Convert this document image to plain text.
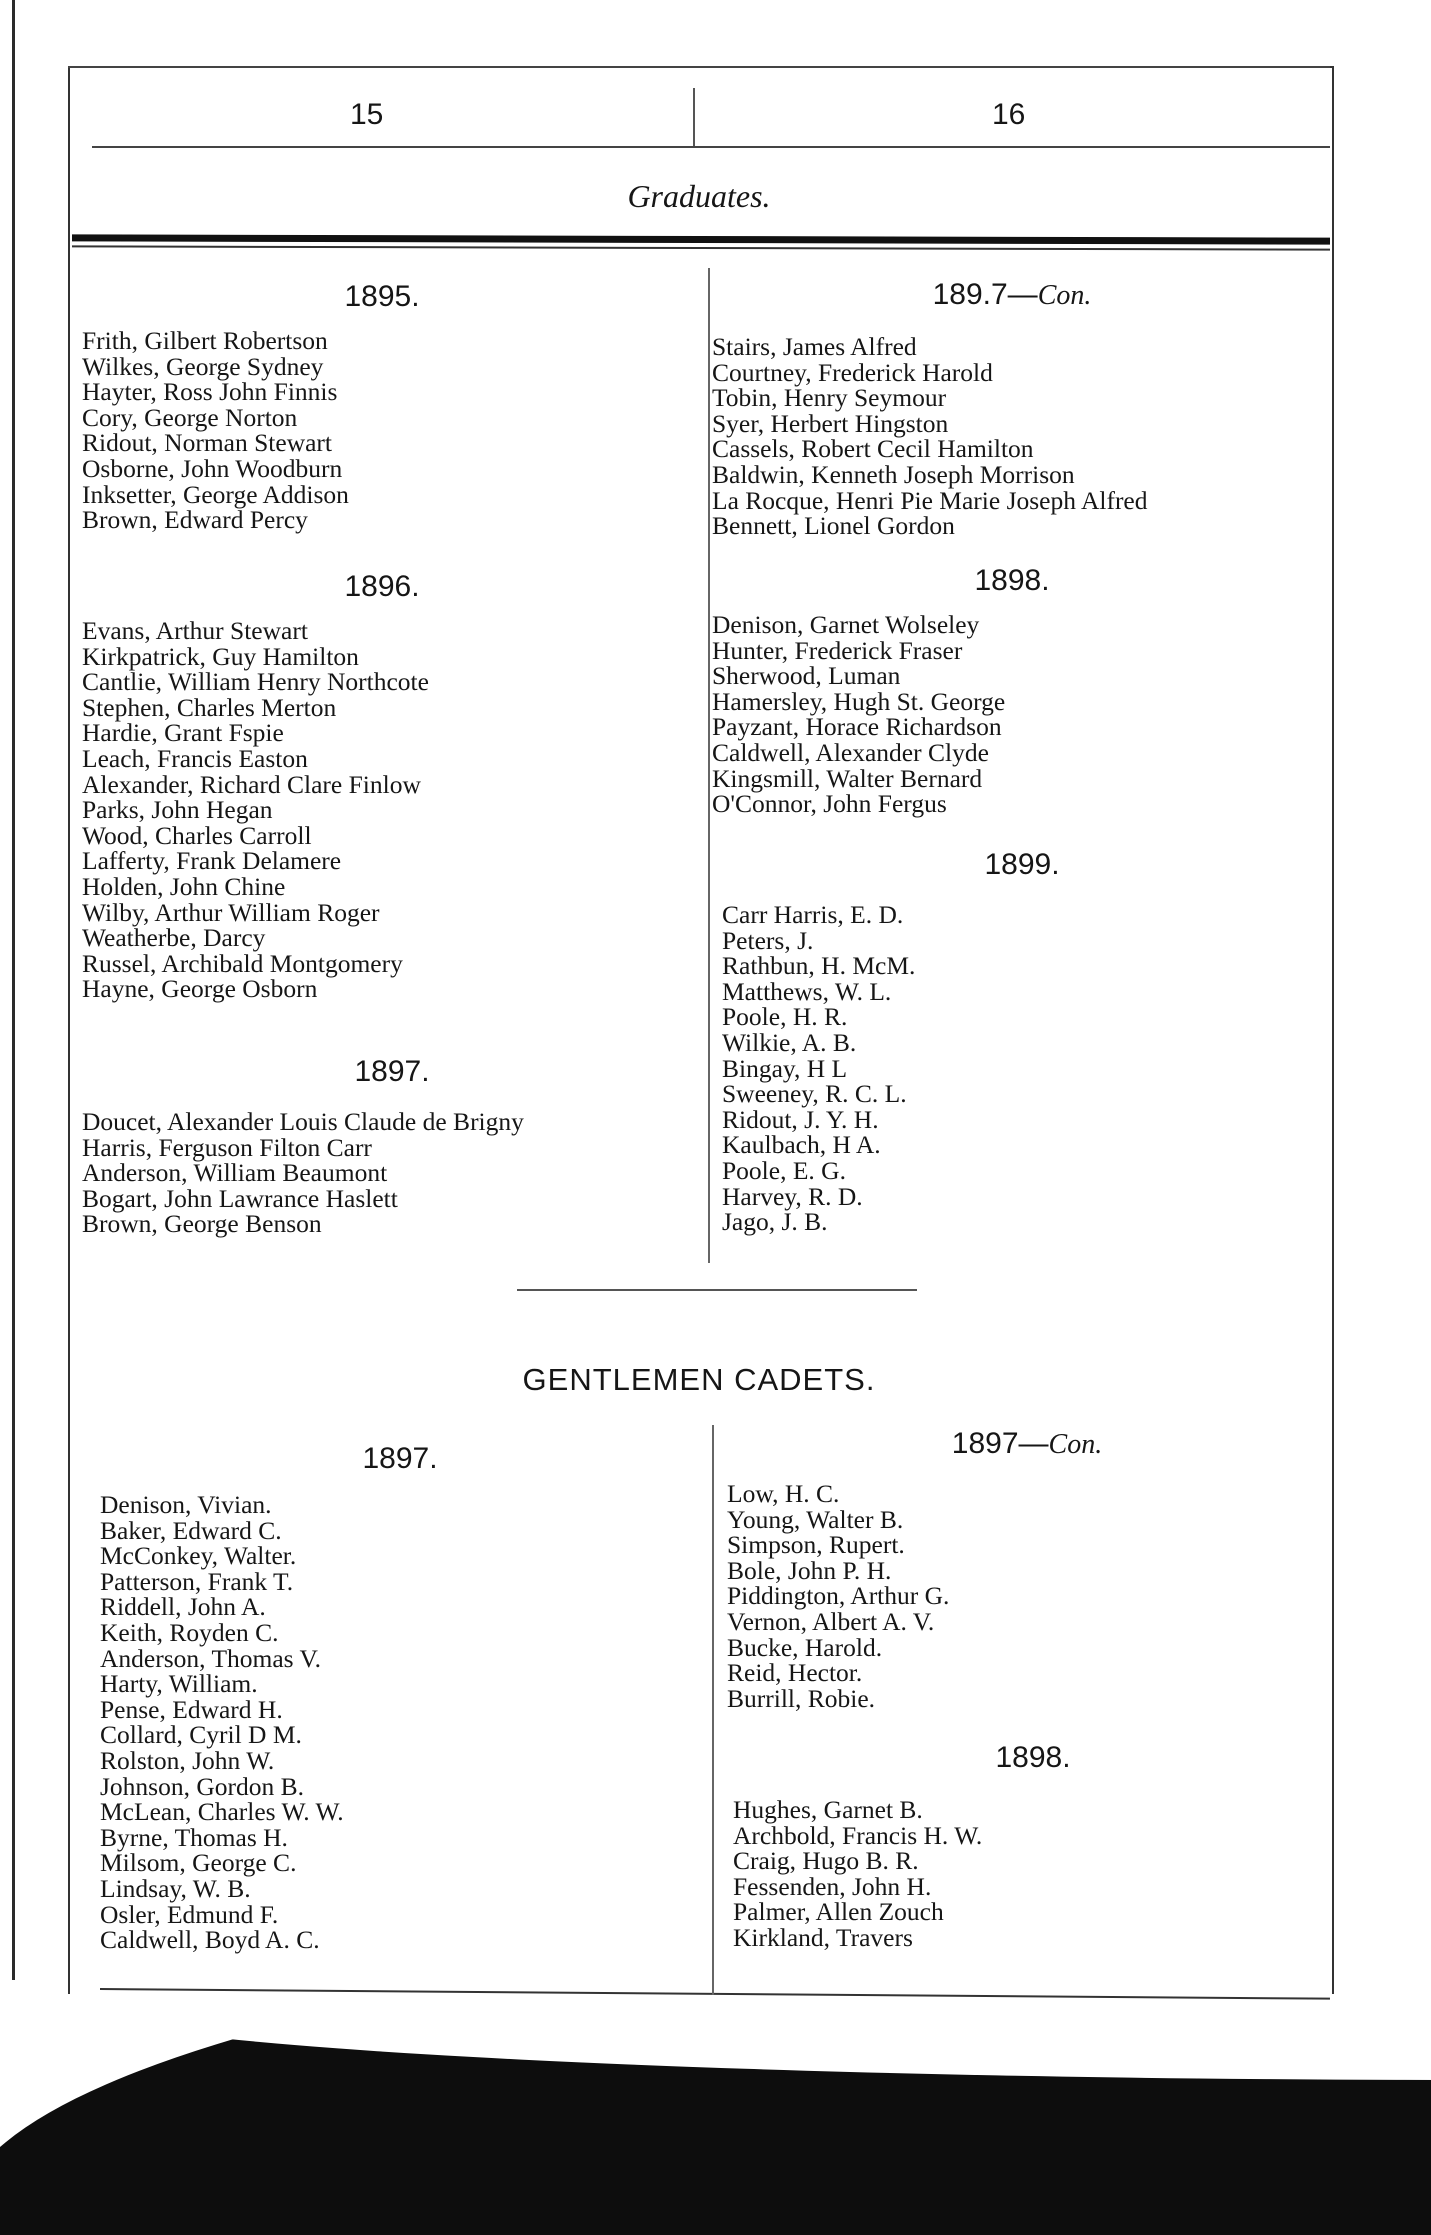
15	16
Graduates.

1895.

Frith, Gilbert Robertson
Wilkes, George Sydney
Hayter, Ross John Finnis
Cory, George Norton
Ridout, Norman Stewart
Osborne, John Woodburn
Inksetter, George Addison
Brown, Edward Percy

1896.

Evans, Arthur Stewart
Kirkpatrick, Guy Hamilton
Cantlie, William Henry Northcote
Stephen, Charles Merton
Hardie, Grant Fspie
Leach, Francis Easton
Alexander, Richard Clare Finlow
Parks, John Hegan
Wood, Charles Carroll
Lafferty, Frank Delamere
Holden, John Chine
Wilby, Arthur William Roger
Weatherbe, Darcy
Russel, Archibald Montgomery
Hayne, George Osborn

1897.

Doucet, Alexander Louis Claude de Brigny
Harris, Ferguson Filton Carr
Anderson, William Beaumont
Bogart, John Lawrance Haslett
Brown, George Benson

189.7—Con.

Stairs, James Alfred
Courtney, Frederick Harold
Tobin, Henry Seymour
Syer, Herbert Hingston
Cassels, Robert Cecil Hamilton
Baldwin, Kenneth Joseph Morrison
La Rocque, Henri Pie Marie Joseph Alfred
Bennett, Lionel Gordon

1898.

Denison, Garnet Wolseley
Hunter, Frederick Fraser
Sherwood, Luman
Hamersley, Hugh St. George
Payzant, Horace Richardson
Caldwell, Alexander Clyde
Kingsmill, Walter Bernard
O'Connor, John Fergus

1899.

Carr Harris, E. D.
Peters, J.
Rathbun, H. McM.
Matthews, W. L.
Poole, H. R.
Wilkie, A. B.
Bingay, H L
Sweeney, R. C. L.
Ridout, J. Y. H.
Kaulbach, H A.
Poole, E. G.
Harvey, R. D.
Jago, J. B.
GENTLEMEN CADETS.

1897.

Denison, Vivian.
Baker, Edward C.
McConkey, Walter.
Patterson, Frank T.
Riddell, John A.
Keith, Royden C.
Anderson, Thomas V.
Harty, William.
Pense, Edward H.
Collard, Cyril D M.
Rolston, John W.
Johnson, Gordon B.
McLean, Charles W. W.
Byrne, Thomas H.
Milsom, George C.
Lindsay, W. B.
Osler, Edmund F.
Caldwell, Boyd A. C.

1897—Con.

Low, H. C.
Young, Walter B.
Simpson, Rupert.
Bole, John P. H.
Piddington, Arthur G.
Vernon, Albert A. V.
Bucke, Harold.
Reid, Hector.
Burrill, Robie.

1898.

Hughes, Garnet B.
Archbold, Francis H. W.
Craig, Hugo B. R.
Fessenden, John H.
Palmer, Allen Zouch
Kirkland, Travers
